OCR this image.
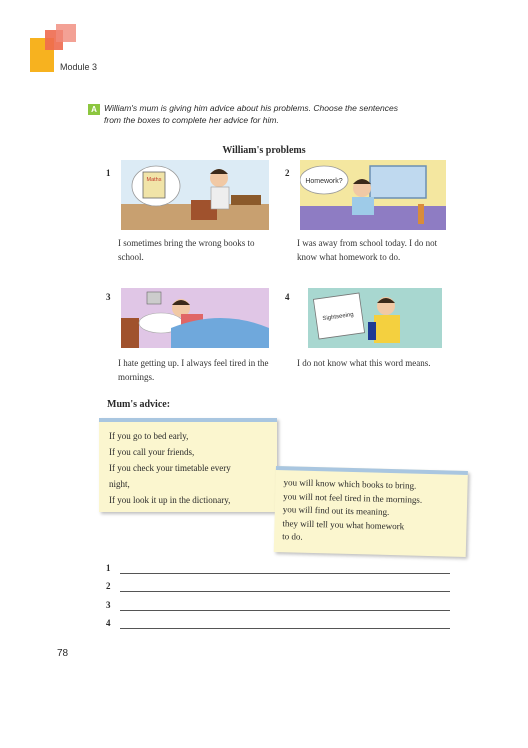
Module 3
A William's mum is giving him advice about his problems. Choose the sentences from the boxes to complete her advice for him.
William's problems
1
Maths
I sometimes bring the wrong books to school.
2
Homework?
I was away from school today. I do not know what homework to do.
3
I hate getting up. I always feel tired in the mornings.
4
Sightseeing
I do not know what this word means.
Mum's advice:
If you go to bed early,
If you call your friends,
If you check your timetable every
night,
If you look it up in the dictionary,
you will know which books to bring.
you will not feel tired in the mornings.
you will find out its meaning.
they will tell you what homework
to do.
1
2
3
4
78
